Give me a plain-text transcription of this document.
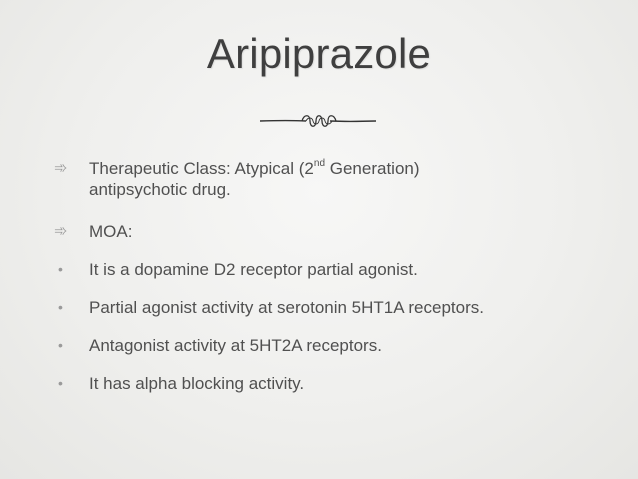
Aripiprazole
➾	Therapeutic Class: Atypical (2nd Generation)
antipsychotic drug.
➾	MOA:
•	It is a dopamine D2 receptor partial agonist.
•	Partial agonist activity at serotonin 5HT1A receptors.
•	Antagonist activity at 5HT2A receptors.
•	It has alpha blocking activity.
